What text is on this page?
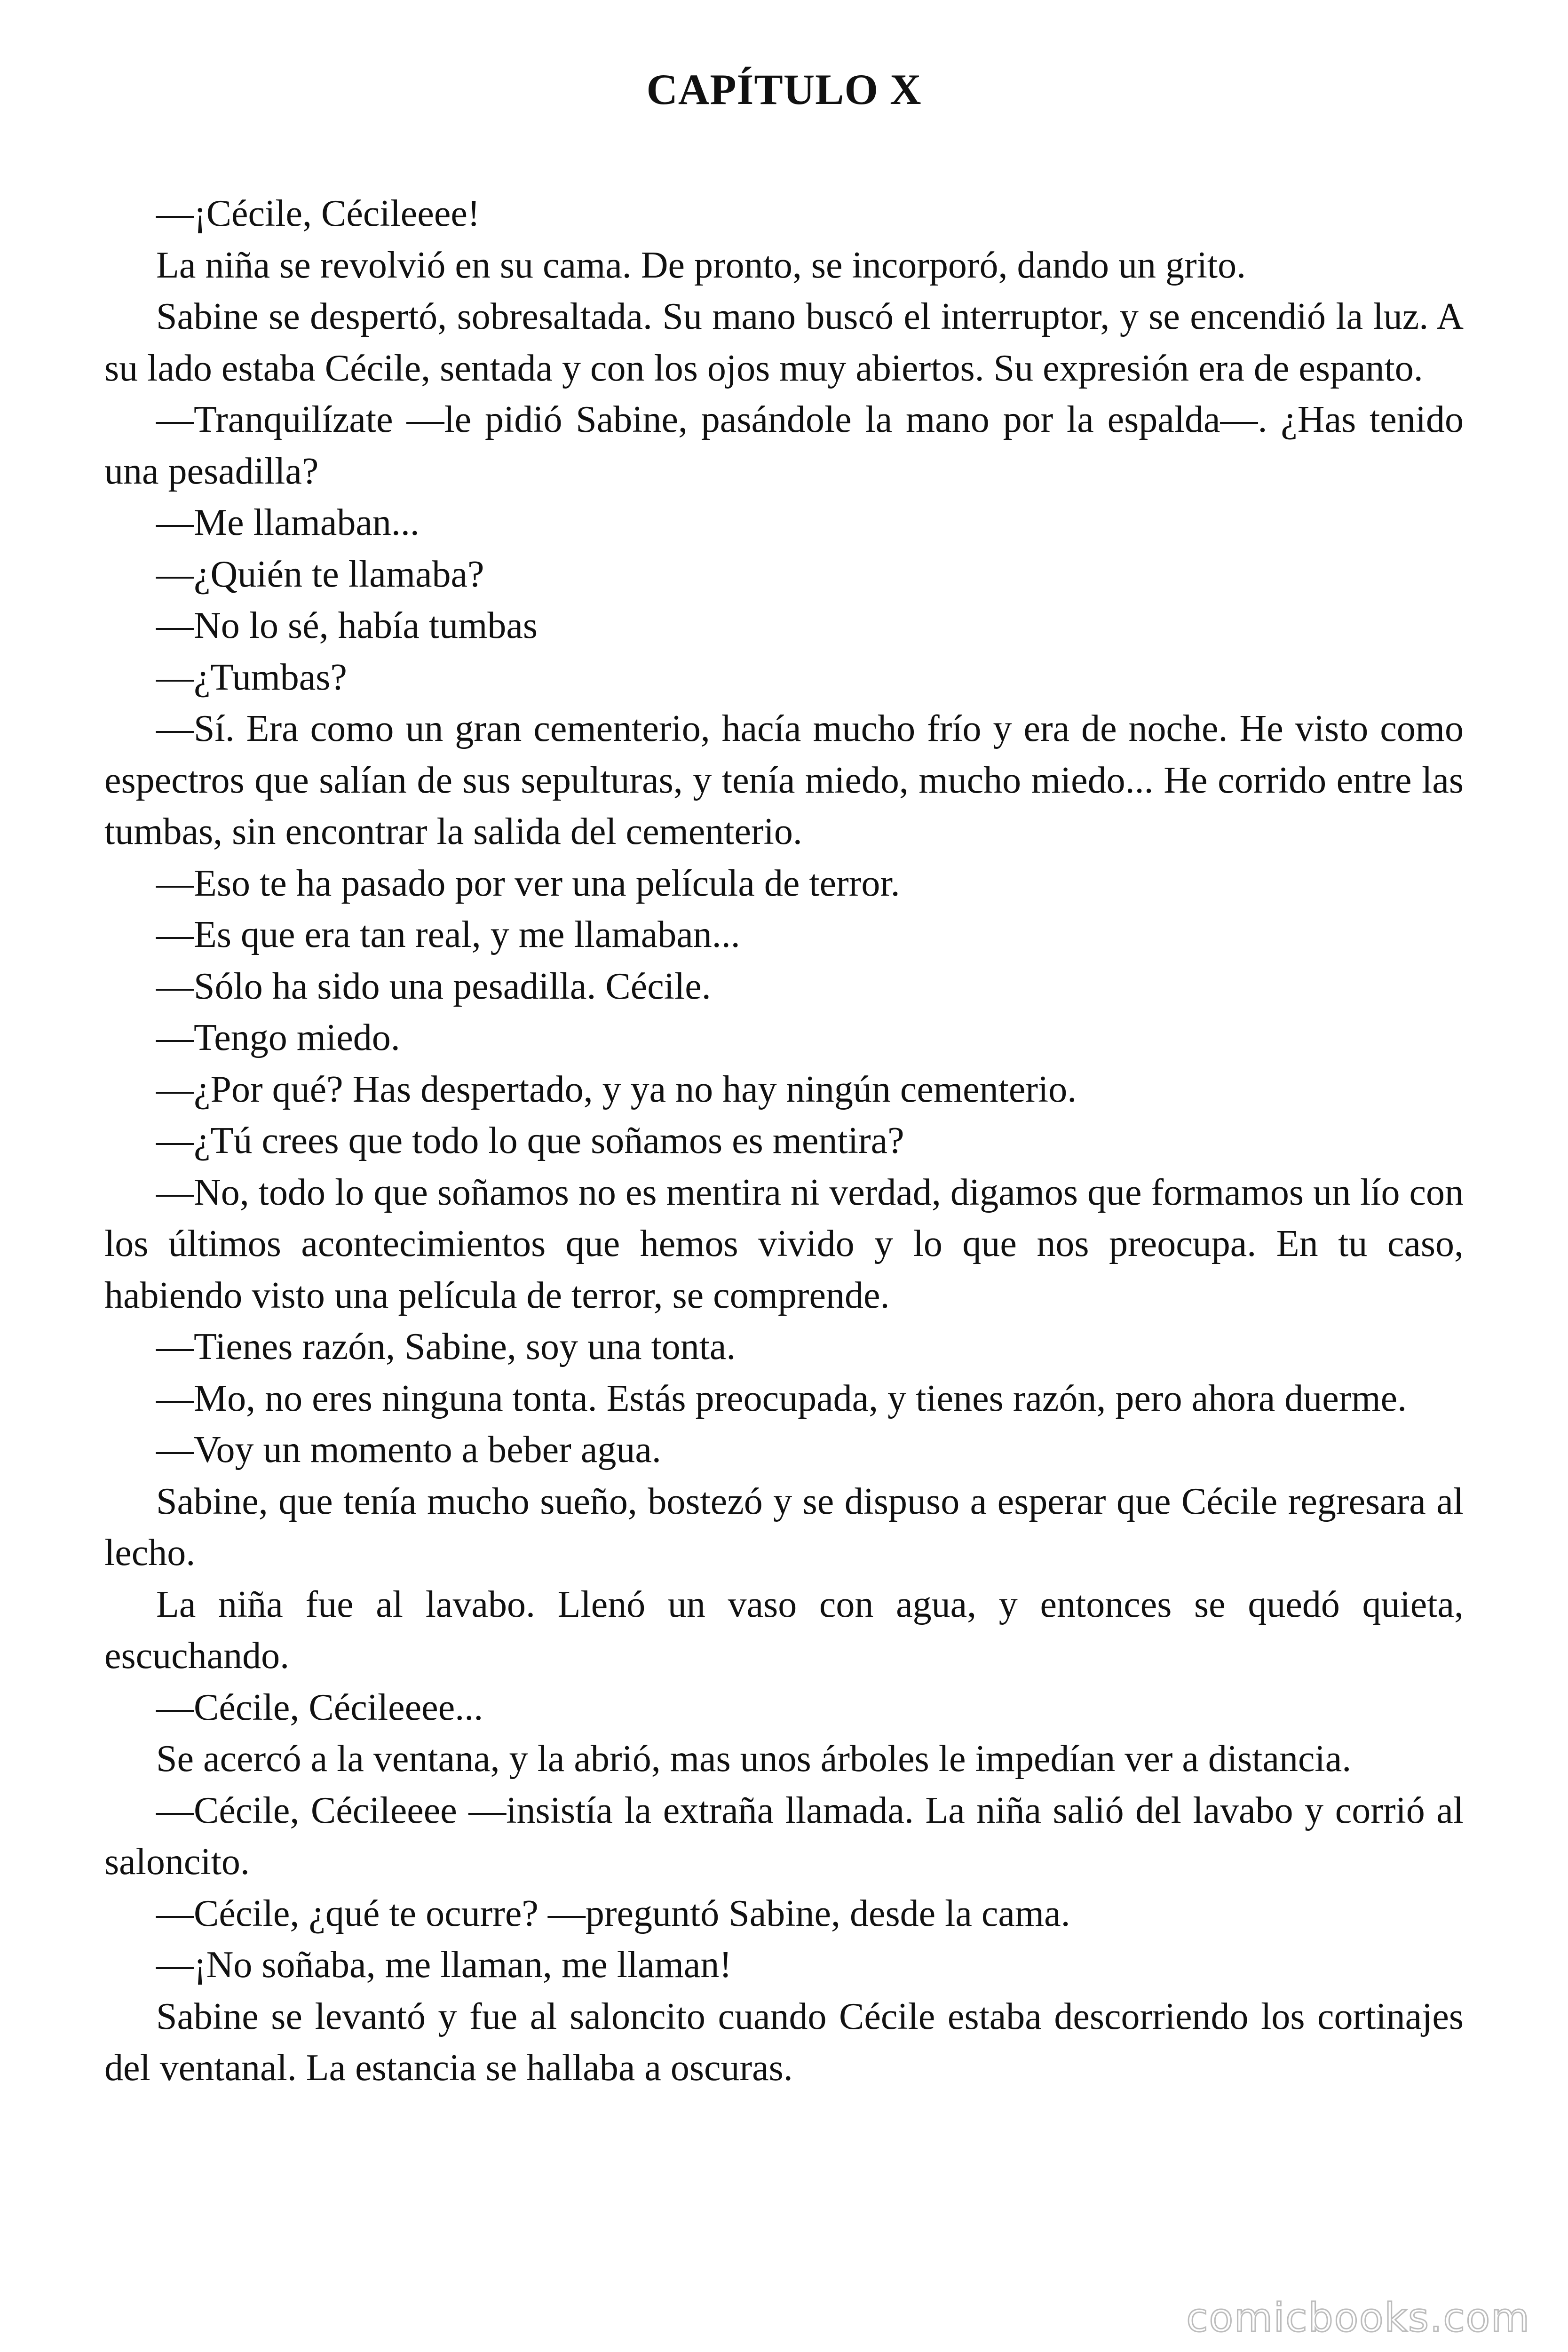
CAPÍTULO X

—¡Cécile, Cécileeee!

La niña se revolvió en su cama. De pronto, se incorporó, dando un grito.

Sabine se despertó, sobresaltada. Su mano buscó el interruptor, y se encendió la luz. A su lado estaba Cécile, sentada y con los ojos muy abiertos. Su expresión era de espanto.

—Tranquilízate —le pidió Sabine, pasándole la mano por la espalda—. ¿Has tenido una pesadilla?

—Me llamaban...

—¿Quién te llamaba?

—No lo sé, había tumbas

—¿Tumbas?

—Sí. Era como un gran cementerio, hacía mucho frío y era de noche. He visto como espectros que salían de sus sepulturas, y tenía miedo, mucho miedo... He corrido entre las tumbas, sin encontrar la salida del cementerio.

—Eso te ha pasado por ver una película de terror.

—Es que era tan real, y me llamaban...

—Sólo ha sido una pesadilla. Cécile.

—Tengo miedo.

—¿Por qué? Has despertado, y ya no hay ningún cementerio.

—¿Tú crees que todo lo que soñamos es mentira?

—No, todo lo que soñamos no es mentira ni verdad, digamos que formamos un lío con los últimos acontecimientos que hemos vivido y lo que nos preocupa. En tu caso, habiendo visto una película de terror, se comprende.

—Tienes razón, Sabine, soy una tonta.

—Mo, no eres ninguna tonta. Estás preocupada, y tienes razón, pero ahora duerme.

—Voy un momento a beber agua.

Sabine, que tenía mucho sueño, bostezó y se dispuso a esperar que Cécile regresara al lecho.

La niña fue al lavabo. Llenó un vaso con agua, y entonces se quedó quieta, escuchando.

—Cécile, Cécileeee...

Se acercó a la ventana, y la abrió, mas unos árboles le impedían ver a distancia.

—Cécile, Cécileeee —insistía la extraña llamada. La niña salió del lavabo y corrió al saloncito.

—Cécile, ¿qué te ocurre? —preguntó Sabine, desde la cama.

—¡No soñaba, me llaman, me llaman!

Sabine se levantó y fue al saloncito cuando Cécile estaba descorriendo los cortinajes del ventanal. La estancia se hallaba a oscuras.

comicbooks.com
